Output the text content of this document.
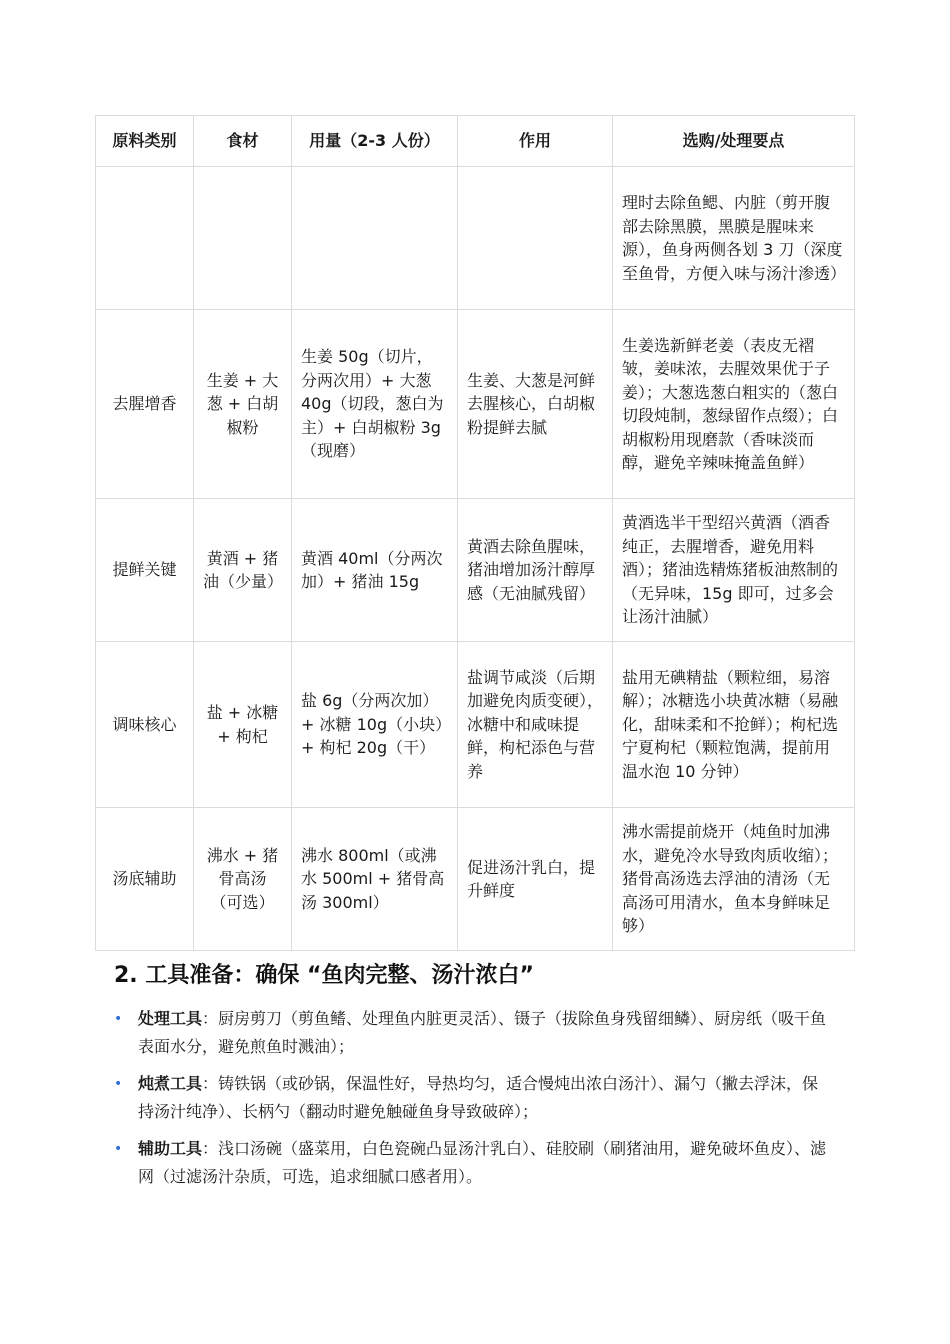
原料类别	食材	用量（2-3 人份）	作用	选购/处理要点
				理时去除鱼鳃、内脏（剪开腹部去除黑膜，黑膜是腥味来源），鱼身两侧各划 3 刀（深度至鱼骨，方便入味与汤汁渗透）
去腥增香	生姜 + 大葱 + 白胡椒粉	生姜 50g（切片，分两次用）+ 大葱 40g（切段，葱白为主）+ 白胡椒粉 3g（现磨）	生姜、大葱是河鲜去腥核心，白胡椒粉提鲜去腻	生姜选新鲜老姜（表皮无褶皱，姜味浓，去腥效果优于子姜）；大葱选葱白粗实的（葱白切段炖制，葱绿留作点缀）；白胡椒粉用现磨款（香味淡而醇，避免辛辣味掩盖鱼鲜）
提鲜关键	黄酒 + 猪油（少量）	黄酒 40ml（分两次加）+ 猪油 15g	黄酒去除鱼腥味，猪油增加汤汁醇厚感（无油腻残留）	黄酒选半干型绍兴黄酒（酒香纯正，去腥增香，避免用料酒）；猪油选精炼猪板油熬制的（无异味，15g 即可，过多会让汤汁油腻）
调味核心	盐 + 冰糖 + 枸杞	盐 6g（分两次加）+ 冰糖 10g（小块）+ 枸杞 20g（干）	盐调节咸淡（后期加避免肉质变硬），冰糖中和咸味提鲜，枸杞添色与营养	盐用无碘精盐（颗粒细，易溶解）；冰糖选小块黄冰糖（易融化，甜味柔和不抢鲜）；枸杞选宁夏枸杞（颗粒饱满，提前用温水泡 10 分钟）
汤底辅助	沸水 + 猪骨高汤（可选）	沸水 800ml（或沸水 500ml + 猪骨高汤 300ml）	促进汤汁乳白，提升鲜度	沸水需提前烧开（炖鱼时加沸水，避免冷水导致肉质收缩）；猪骨高汤选去浮油的清汤（无高汤可用清水，鱼本身鲜味足够）
2. 工具准备：确保 “鱼肉完整、汤汁浓白”
• 处理工具：厨房剪刀（剪鱼鳍、处理鱼内脏更灵活）、镊子（拔除鱼身残留细鳞）、厨房纸（吸干鱼表面水分，避免煎鱼时溅油）；
• 炖煮工具：铸铁锅（或砂锅，保温性好，导热均匀，适合慢炖出浓白汤汁）、漏勺（撇去浮沫，保持汤汁纯净）、长柄勺（翻动时避免触碰鱼身导致破碎）；
• 辅助工具：浅口汤碗（盛菜用，白色瓷碗凸显汤汁乳白）、硅胶刷（刷猪油用，避免破坏鱼皮）、滤网（过滤汤汁杂质，可选，追求细腻口感者用）。
